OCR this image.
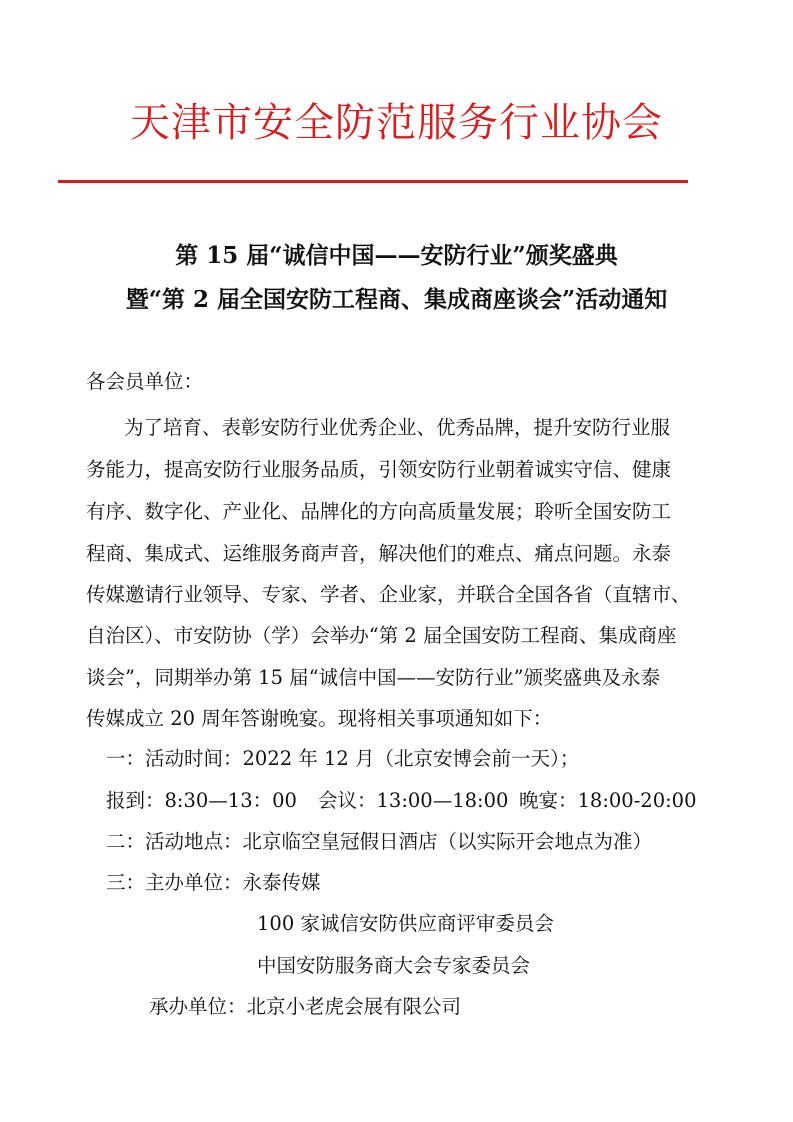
天津市安全防范服务行业协会
第 15 届“诚信中国——安防行业”颁奖盛典
暨“第 2 届全国安防工程商、集成商座谈会”活动通知
各会员单位：
为了培育、表彰安防行业优秀企业、优秀品牌，提升安防行业服
务能力，提高安防行业服务品质，引领安防行业朝着诚实守信、健康
有序、数字化、产业化、品牌化的方向高质量发展；聆听全国安防工
程商、集成式、运维服务商声音，解决他们的难点、痛点问题。永泰
传媒邀请行业领导、专家、学者、企业家，并联合全国各省（直辖市、
自治区）、市安防协（学）会举办“第 2 届全国安防工程商、集成商座
谈会”，同期举办第 15 届“诚信中国——安防行业”颁奖盛典及永泰
传媒成立 20 周年答谢晚宴。现将相关事项通知如下：
一：活动时间：2022 年 12 月（北京安博会前一天）；
报到：8:30—13：00 会议：13:00—18:00 晚宴：18:00-20:00
二：活动地点：北京临空皇冠假日酒店（以实际开会地点为准）
三：主办单位：永泰传媒
100 家诚信安防供应商评审委员会
中国安防服务商大会专家委员会
承办单位：北京小老虎会展有限公司
